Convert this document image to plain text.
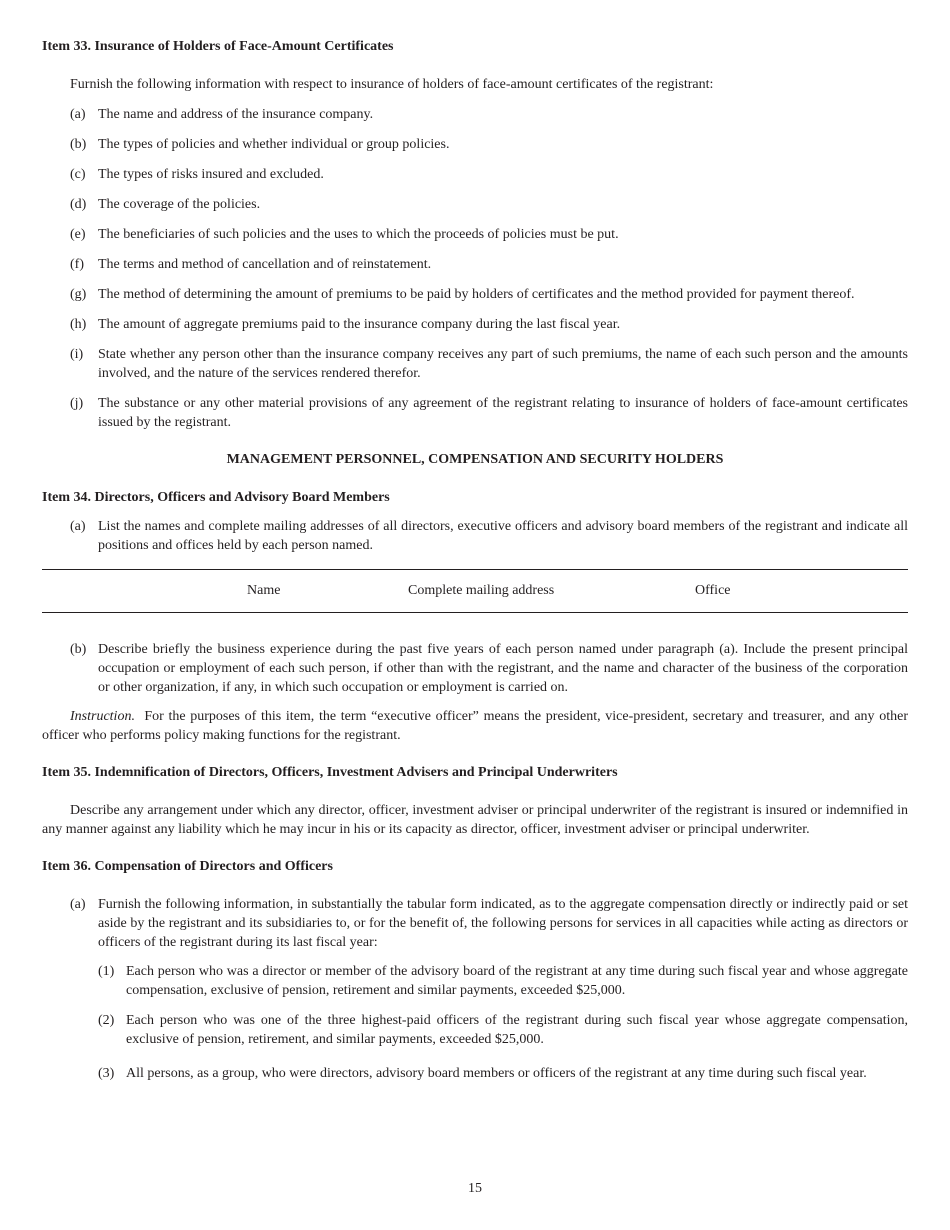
Item 33. Insurance of Holders of Face-Amount Certificates

Furnish the following information with respect to insurance of holders of face-amount certificates of the registrant:

(a) The name and address of the insurance company.
(b) The types of policies and whether individual or group policies.
(c) The types of risks insured and excluded.
(d) The coverage of the policies.
(e) The beneficiaries of such policies and the uses to which the proceeds of policies must be put.
(f)	The terms and method of cancellation and of reinstatement.
(g) The method of determining the amount of premiums to be paid by holders of certificates and the method provided for payment thereof.
(h) The amount of aggregate premiums paid to the insurance company during the last fiscal year.
(i)	State whether any person other than the insurance company receives any part of such premiums, the name of each such person and the amounts involved, and the nature of the services rendered therefor.
(j)	The substance or any other material provisions of any agreement of the registrant relating to insurance of holders of face-amount certificates issued by the registrant.

MANAGEMENT PERSONNEL, COMPENSATION AND SECURITY HOLDERS

Item 34. Directors, Officers and Advisory Board Members

(a) List the names and complete mailing addresses of all directors, executive officers and advisory board members of the registrant and indicate all positions and offices held by each person named.
Name	Complete mailing address	Office
(b) Describe briefly the business experience during the past five years of each person named under paragraph (a). Include the present principal occupation or employment of each such person, if other than with the registrant, and the name and character of the business of the corporation or other organization, if any, in which such occupation or employment is carried on.

Instruction. For the purposes of this item, the term “executive officer” means the president, vice-president, secretary and treasurer, and any other officer who performs policy making functions for the registrant.

Item 35. Indemnification of Directors, Officers, Investment Advisers and Principal Underwriters

Describe any arrangement under which any director, officer, investment adviser or principal underwriter of the registrant is insured or indemnified in any manner against any liability which he may incur in his or its capacity as director, officer, investment adviser or principal underwriter.

Item 36. Compensation of Directors and Officers

(a) Furnish the following information, in substantially the tabular form indicated, as to the aggregate compensation directly or indirectly paid or set aside by the registrant and its subsidiaries to, or for the benefit of, the following persons for services in all capacities while acting as directors or officers of the registrant during its last fiscal year:
(1) Each person who was a director or member of the advisory board of the registrant at any time during such fiscal year and whose aggregate compensation, exclusive of pension, retirement and similar payments, exceeded $25,000.
(2) Each person who was one of the three highest-paid officers of the registrant during such fiscal year whose aggregate compensation, exclusive of pension, retirement, and similar payments, exceeded $25,000.
(3) All persons, as a group, who were directors, advisory board members or officers of the registrant at any time during such fiscal year.
15
